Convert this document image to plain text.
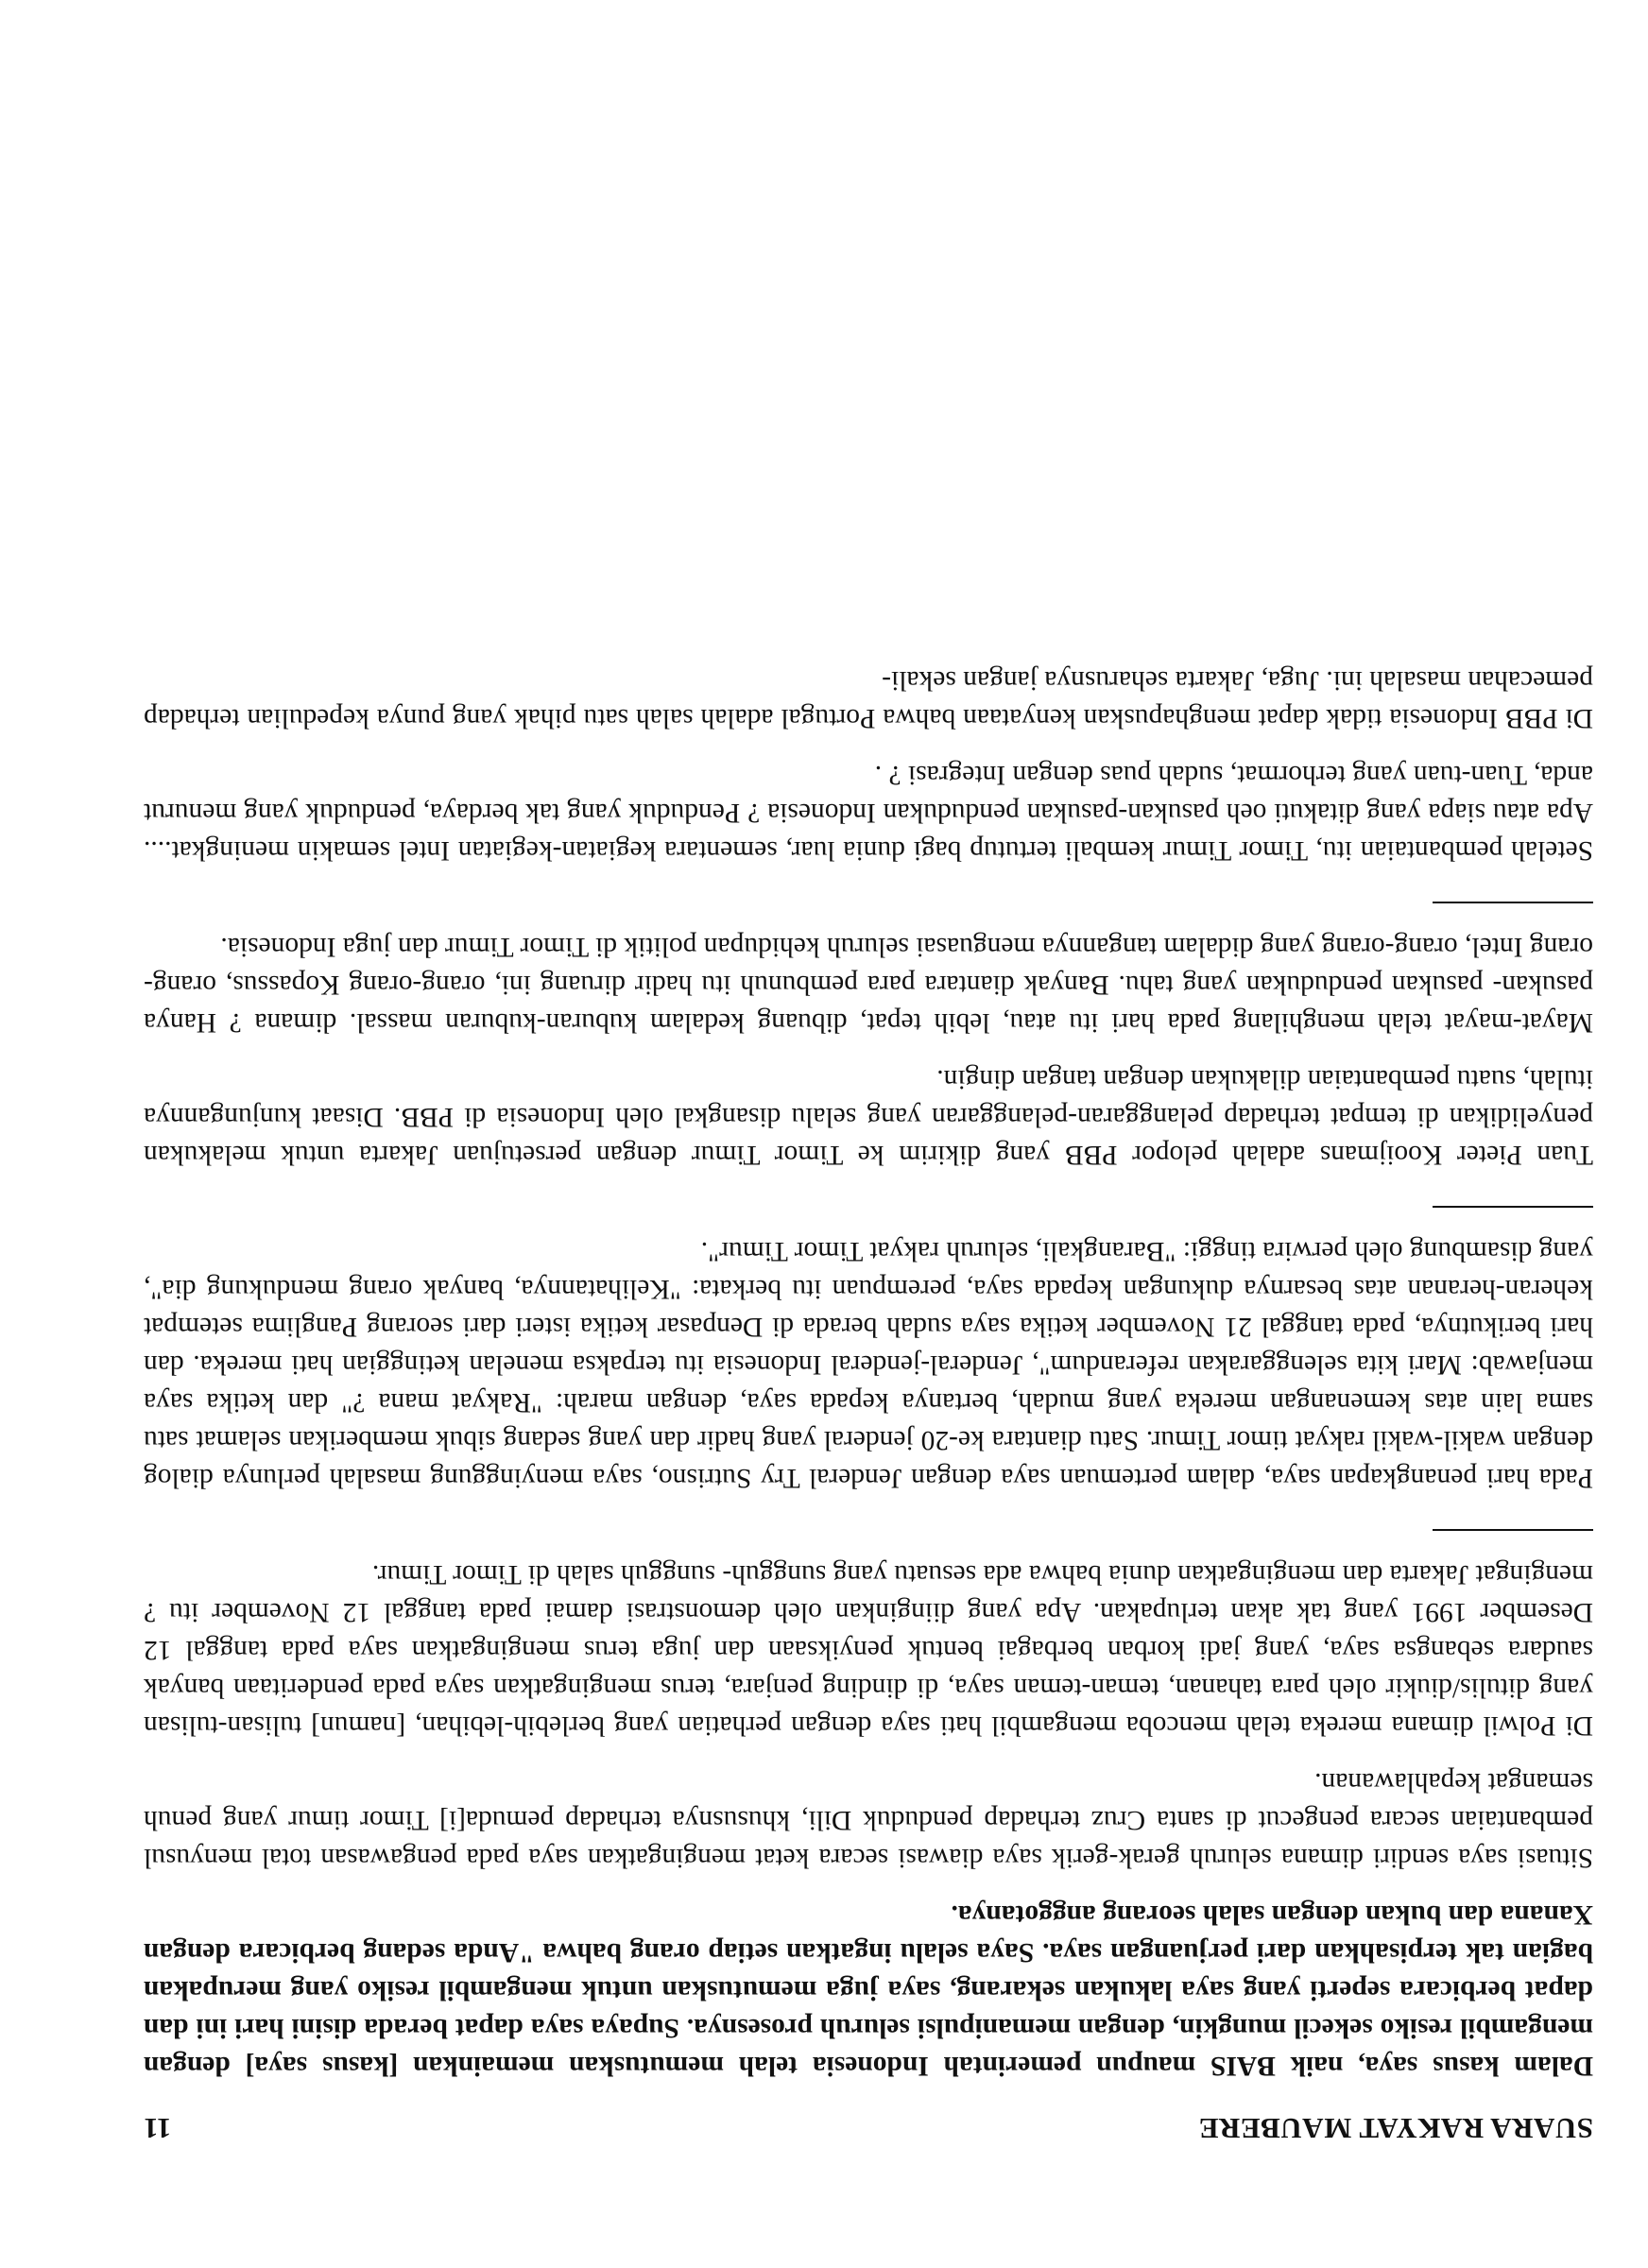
SUARA RAKYAT MAUBERE
11

Dalam kasus saya, naik BAIS maupun pemerintah Indonesia telah memutuskan memainkan [kasus saya] dengan mengambil resiko sekecil mungkin, dengan memanipulsi seluruh prosesnya. Supaya saya dapat berada disini hari ini dan dapat berbicara seperti yang saya lakukan sekarang, saya juga memutuskan untuk mengambil resiko yang merupakan bagian tak terpisahkan dari perjuangan saya. Saya selalu ingatkan setiap orang bahwa "Anda sedang berbicara dengan Xanana dan bukan dengan salah seorang anggotanya.

Situasi saya sendiri dimana seluruh gerak-gerik saya diawasi secara ketat mengingatkan saya pada pengawasan total menyusul pembantaian secara pengecut di santa Cruz terhadap penduduk Dili, khususnya terhadap pemuda[i] Timor timur yang penuh semangat kepahlawanan.

Di Polwil dimana mereka telah mencoba mengambil hati saya dengan perhatian yang berlebih-lebihan, [namun] tulisan-tulisan yang ditulis/diukir oleh para tahanan, teman-teman saya, di dinding penjara, terus mengingatkan saya pada penderitaan banyak saudara sebangsa saya, yang jadi korban berbagai bentuk penyiksaan dan juga terus mengingatkan saya pada tanggal 12 Desember 1991 yang tak akan terlupakan. Apa yang diinginkan oleh demonstrasi damai pada tanggal 12 November itu ? mengingat Jakarta dan mengingatkan dunia bahwa ada sesuatu yang sungguh- sungguh salah di Timor Timur.

Pada hari penangkapan saya, dalam pertemuan saya dengan Jenderal Try Sutrisno, saya menyinggung masalah perlunya dialog dengan wakil-wakil rakyat timor Timur. Satu diantara ke-20 jenderal yang hadir dan yang sedang sibuk memberikan selamat satu sama lain atas kemenangan mereka yang mudah, bertanya kepada saya, dengan marah: "Rakyat mana ?" dan ketika saya menjawab: Mari kita selenggarakan referandum", Jenderal-jenderal Indonesia itu terpaksa menelan ketinggian hati mereka. dan hari berikutnya, pada tanggal 21 November ketika saya sudah berada di Denpasar ketika isteri dari seorang Panglima setempat keheran-heranan atas besarnya dukungan kepada saya, perempuan itu berkata: "Kelihatannya, banyak orang mendukung dia", yang disambung oleh perwira tinggi: "Barangkali, seluruh rakyat Timor Timur".

Tuan Pieter Kooijmans adalah pelopor PBB yang dikirim ke Timor Timur dengan persetujuan Jakarta untuk melakukan penyelidikan di tempat terhadap pelanggaran-pelanggaran yang selalu disangkal oleh Indonesia di PBB. Disaat kunjungannya itulah, suatu pembantaian dilakukan dengan tangan dingin.

Mayat-mayat telah menghilang pada hari itu atau, lebih tepat, dibuang kedalam kuburan-kuburan massal. dimana ? Hanya pasukan- pasukan pendudukan yang tahu. Banyak diantara para pembunuh itu hadir diruang ini, orang-orang Kopassus, orang-orang Intel, orang-orang yang didalam tangannya menguasai seluruh kehidupan politik di Timor Timur dan juga Indonesia.

Setelah pembantaian itu, Timor Timur kembali tertutup bagi dunia luar, sementara kegiatan-kegiatan Intel semakin meningkat.... Apa atau siapa yang ditakuti oeh pasukan-pasukan pendudukan Indonesia ? Penduduk yang tak berdaya, penduduk yang menurut anda, Tuan-tuan yang terhormat, sudah puas dengan Integrasi ? .

Di PBB Indonesia tidak dapat menghapuskan kenyataan bahwa Portugal adalah salah satu pihak yang punya kepedulian terhadap pemecahan masalah ini. Juga, Jakarta seharusnya jangan sekali-
